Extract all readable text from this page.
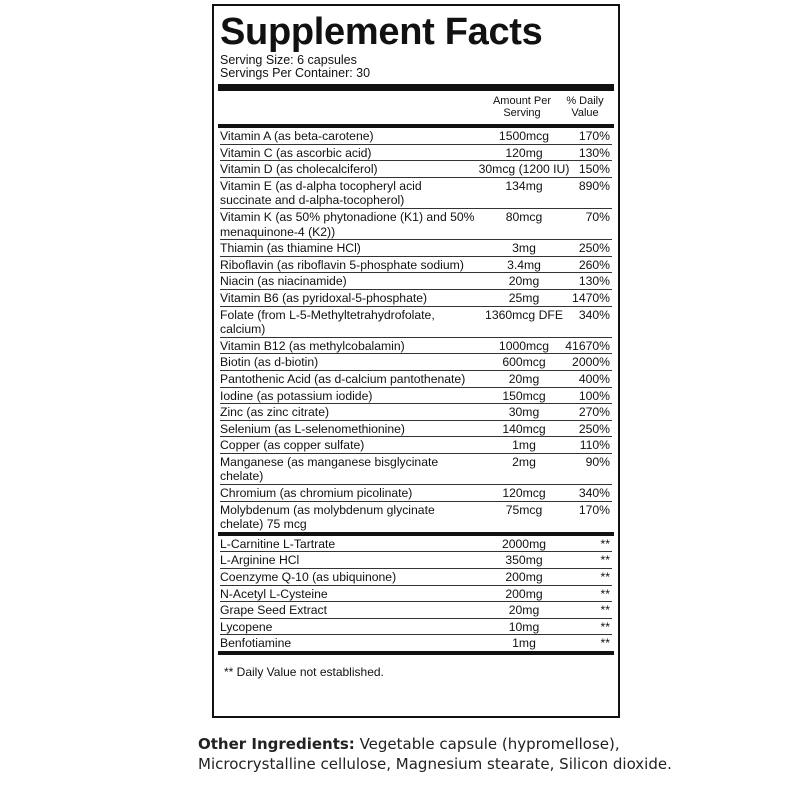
Supplement Facts
Serving Size: 6 capsules
Servings Per Container: 30
Amount Per Serving
% Daily Value
Vitamin A (as beta-carotene)	1500mcg	170%
Vitamin C (as ascorbic acid)	120mg	130%
Vitamin D (as cholecalciferol)	30mcg (1200 IU) 150%
Vitamin E (as d-alpha tocopheryl acid succinate and d-alpha-tocopherol)
134mg	890%
Vitamin K (as 50% phytonadione (K1) and 50% menaquinone-4 (K2))
80mcg	70%
Thiamin (as thiamine HCl)	3mg	250%
Riboflavin (as riboflavin 5-phosphate sodium)	3.4mg	260%
Niacin (as niacinamide)	20mg	130%
Vitamin B6 (as pyridoxal-5-phosphate)	25mg	1470%
Folate (from L-5-Methyltetrahydrofolate, calcium)
1360mcg DFE	340%
Vitamin B12 (as methylcobalamin)	1000mcg	41670%
Biotin (as d-biotin)	600mcg	2000%
Pantothenic Acid (as d-calcium pantothenate)	20mg	400%
Iodine (as potassium iodide)	150mcg	100%
Zinc (as zinc citrate)	30mg	270%
Selenium (as L-selenomethionine)	140mcg	250%
Copper (as copper sulfate)	1mg	110%
Manganese (as manganese bisglycinate chelate)
2mg	90%
Chromium (as chromium picolinate)	120mcg	340%
Molybdenum (as molybdenum glycinate chelate) 75 mcg
75mcg	170%
L-Carnitine L-Tartrate	2000mg	**
L-Arginine HCl	350mg	**
Coenzyme Q-10 (as ubiquinone)	200mg	**
N-Acetyl L-Cysteine	200mg	**
Grape Seed Extract	20mg	**
Lycopene	10mg	**
Benfotiamine	1mg	**
** Daily Value not established.
Other Ingredients: Vegetable capsule (hypromellose), Microcrystalline cellulose, Magnesium stearate, Silicon dioxide.
